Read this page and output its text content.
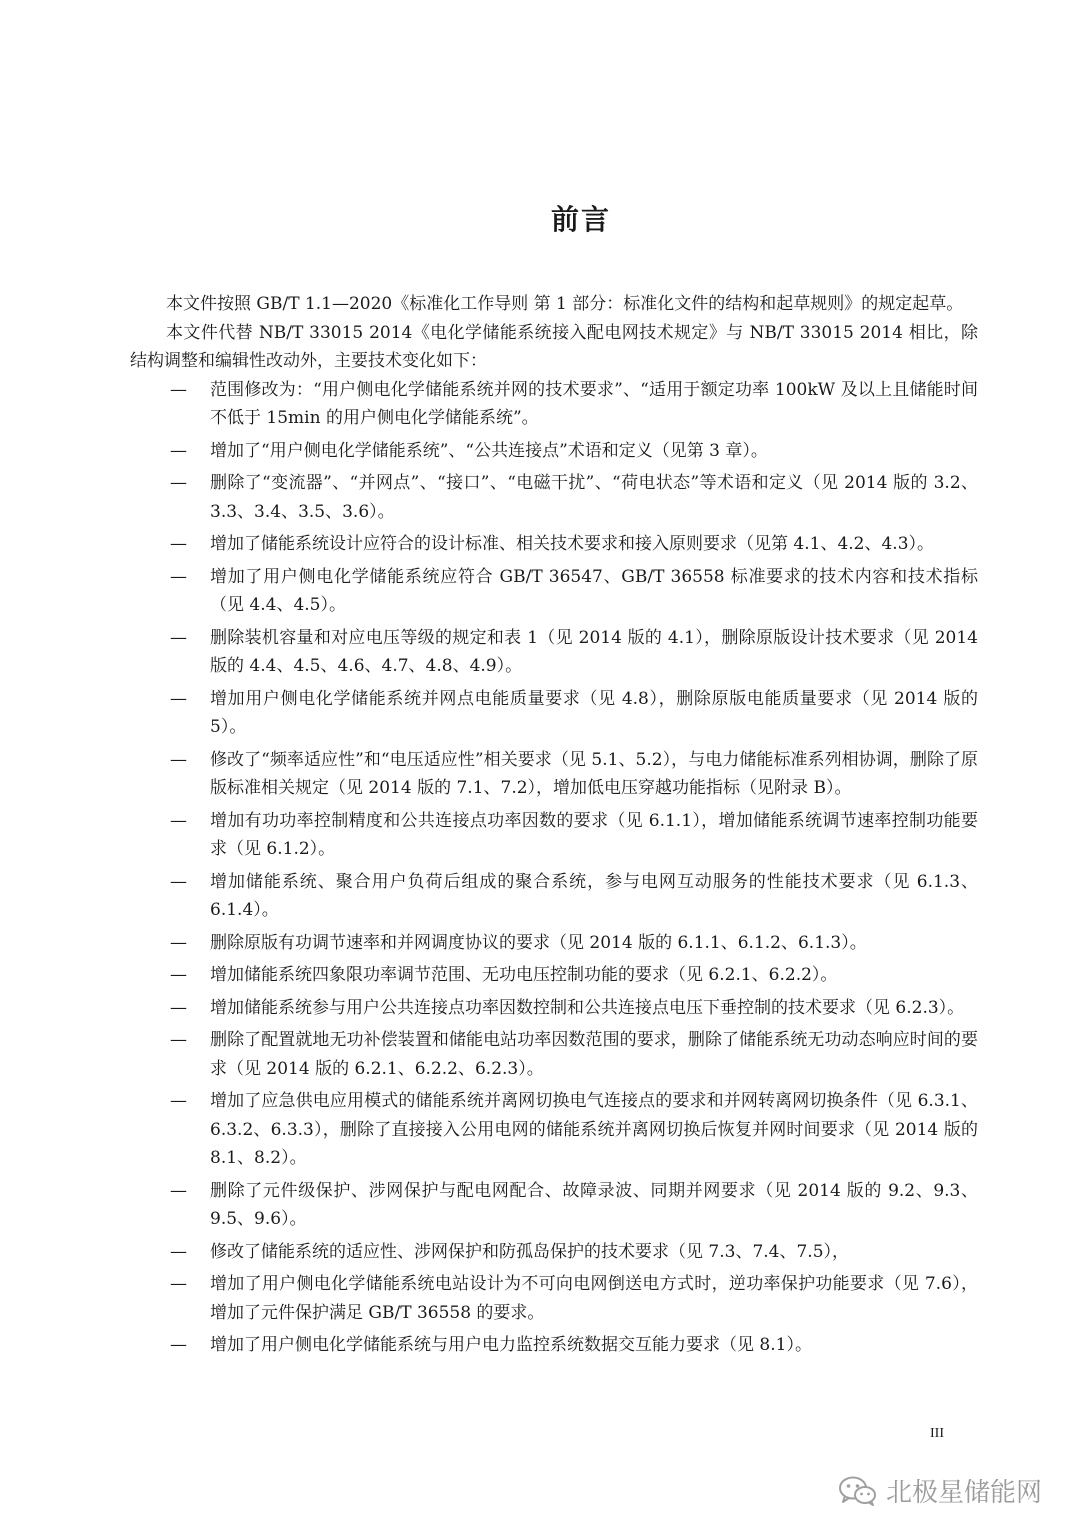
前言

本文件按照 GB/T 1.1—2020《标准化工作导则 第 1 部分：标准化文件的结构和起草规则》的规定起草。

本文件代替 NB/T 33015 2014《电化学储能系统接入配电网技术规定》与 NB/T 33015 2014 相比，除结构调整和编辑性改动外，主要技术变化如下：

—	范围修改为：“用户侧电化学储能系统并网的技术要求”、“适用于额定功率 100kW 及以上且储能时间不低于 15min 的用户侧电化学储能系统”。
—	增加了“用户侧电化学储能系统”、“公共连接点”术语和定义（见第 3 章）。
—	删除了“变流器”、“并网点”、“接口”、“电磁干扰”、“荷电状态”等术语和定义（见 2014 版的 3.2、3.3、3.4、3.5、3.6）。
—	增加了储能系统设计应符合的设计标准、相关技术要求和接入原则要求（见第 4.1、4.2、4.3）。
—	增加了用户侧电化学储能系统应符合 GB/T 36547、GB/T 36558 标准要求的技术内容和技术指标（见 4.4、4.5）。
—	删除装机容量和对应电压等级的规定和表 1（见 2014 版的 4.1），删除原版设计技术要求（见 2014 版的 4.4、4.5、4.6、4.7、4.8、4.9）。
—	增加用户侧电化学储能系统并网点电能质量要求（见 4.8），删除原版电能质量要求（见 2014 版的 5）。
—	修改了“频率适应性”和“电压适应性”相关要求（见 5.1、5.2），与电力储能标准系列相协调，删除了原版标准相关规定（见 2014 版的 7.1、7.2），增加低电压穿越功能指标（见附录 B）。
—	增加有功功率控制精度和公共连接点功率因数的要求（见 6.1.1），增加储能系统调节速率控制功能要求（见 6.1.2）。
—	增加储能系统、聚合用户负荷后组成的聚合系统，参与电网互动服务的性能技术要求（见 6.1.3、6.1.4）。
—	删除原版有功调节速率和并网调度协议的要求（见 2014 版的 6.1.1、6.1.2、6.1.3）。
—	增加储能系统四象限功率调节范围、无功电压控制功能的要求（见 6.2.1、6.2.2）。
—	增加储能系统参与用户公共连接点功率因数控制和公共连接点电压下垂控制的技术要求（见 6.2.3）。
—	删除了配置就地无功补偿装置和储能电站功率因数范围的要求，删除了储能系统无功动态响应时间的要求（见 2014 版的 6.2.1、6.2.2、6.2.3）。
—	增加了应急供电应用模式的储能系统并离网切换电气连接点的要求和并网转离网切换条件（见 6.3.1、6.3.2、6.3.3），删除了直接接入公用电网的储能系统并离网切换后恢复并网时间要求（见 2014 版的 8.1、8.2）。
—	删除了元件级保护、涉网保护与配电网配合、故障录波、同期并网要求（见 2014 版的 9.2、9.3、9.5、9.6）。
—	修改了储能系统的适应性、涉网保护和防孤岛保护的技术要求（见 7.3、7.4、7.5），
—	增加了用户侧电化学储能系统电站设计为不可向电网倒送电方式时，逆功率保护功能要求（见 7.6），增加了元件保护满足 GB/T 36558 的要求。
—	增加了用户侧电化学储能系统与用户电力监控系统数据交互能力要求（见 8.1）。
III
北极星储能网
